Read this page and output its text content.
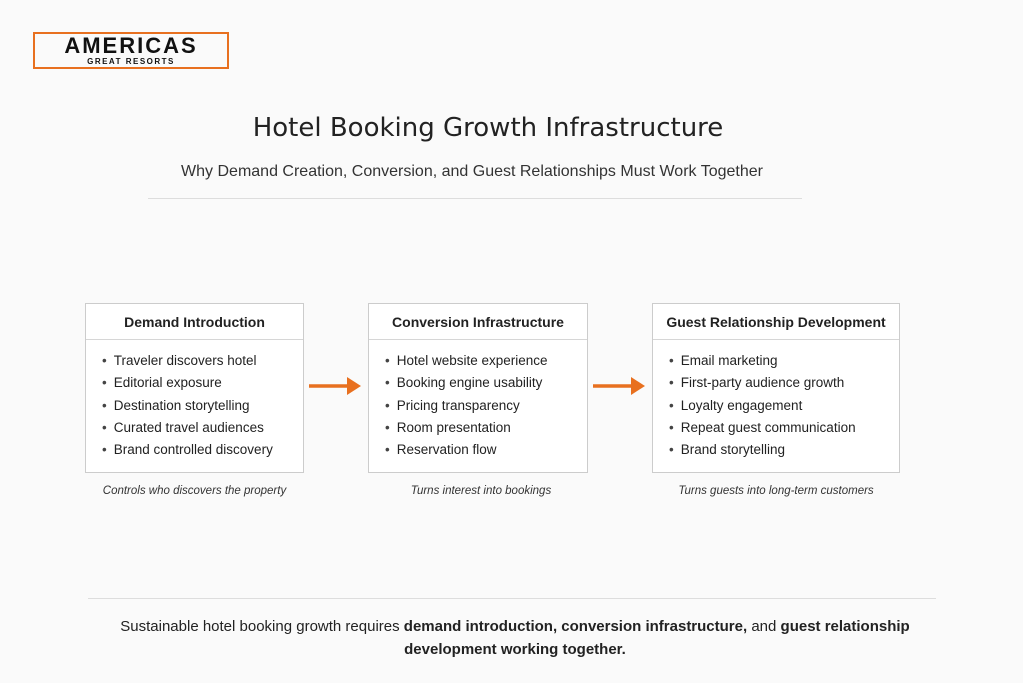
AMERICAS
GREAT RESORTS
Hotel Booking Growth Infrastructure
Why Demand Creation, Conversion, and Guest Relationships Must Work Together
Demand Introduction
• Traveler discovers hotel
• Editorial exposure
• Destination storytelling
• Curated travel audiences
• Brand controlled discovery
Conversion Infrastructure
• Hotel website experience
• Booking engine usability
• Pricing transparency
• Room presentation
• Reservation flow
Guest Relationship Development
• Email marketing
• First-party audience growth
• Loyalty engagement
• Repeat guest communication
• Brand storytelling
Controls who discovers the property	Turns interest into bookings	Turns guests into long-term customers
Sustainable hotel booking growth requires demand introduction, conversion infrastructure, and guest relationship development working together.
